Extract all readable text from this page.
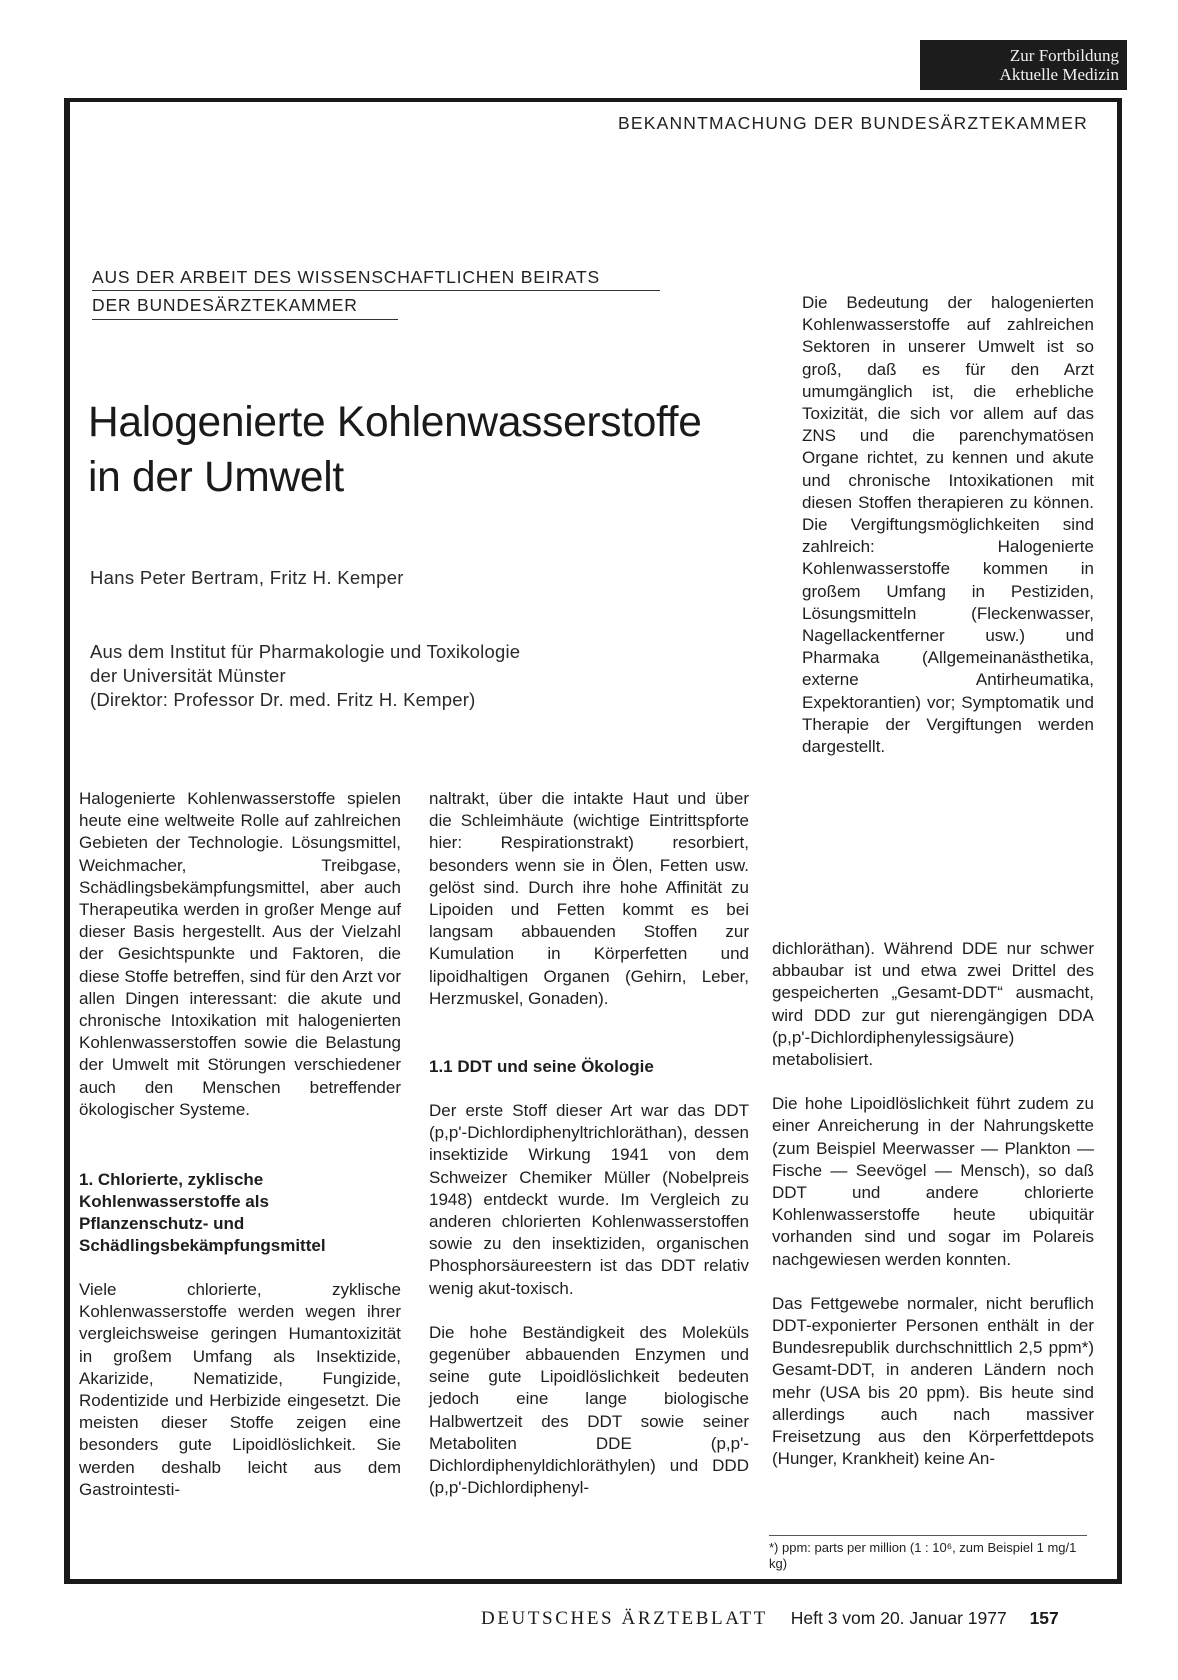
Zur Fortbildung
Aktuelle Medizin
BEKANNTMACHUNG DER BUNDESÄRZTEKAMMER
AUS DER ARBEIT DES WISSENSCHAFTLICHEN BEIRATS
DER BUNDESÄRZTEKAMMER
Halogenierte Kohlenwasserstoffe
in der Umwelt
Hans Peter Bertram, Fritz H. Kemper
Aus dem Institut für Pharmakologie und Toxikologie
der Universität Münster
(Direktor: Professor Dr. med. Fritz H. Kemper)

Die Bedeutung der halogenierten Kohlenwasserstoffe auf zahlreichen Sektoren in unserer Umwelt ist so groß, daß es für den Arzt umumgänglich ist, die erhebliche Toxizität, die sich vor allem auf das ZNS und die parenchymatösen Organe richtet, zu kennen und akute und chronische Intoxikationen mit diesen Stoffen therapieren zu können. Die Vergiftungsmöglichkeiten sind zahlreich: Halogenierte Kohlenwasserstoffe kommen in großem Umfang in Pestiziden, Lösungsmitteln (Fleckenwasser, Nagellackentferner usw.) und Pharmaka (Allgemeinanästhetika, externe Antirheumatika, Expektorantien) vor; Symptomatik und Therapie der Vergiftungen werden dargestellt.

Halogenierte Kohlenwasserstoffe spielen heute eine weltweite Rolle auf zahlreichen Gebieten der Technologie. Lösungsmittel, Weichmacher, Treibgase, Schädlingsbekämpfungsmittel, aber auch Therapeutika werden in großer Menge auf dieser Basis hergestellt. Aus der Vielzahl der Gesichtspunkte und Faktoren, die diese Stoffe betreffen, sind für den Arzt vor allen Dingen interessant: die akute und chronische Intoxikation mit halogenierten Kohlenwasserstoffen sowie die Belastung der Umwelt mit Störungen verschiedener auch den Menschen betreffender ökologischer Systeme.

1. Chlorierte, zyklische Kohlenwasserstoffe als Pflanzenschutz- und Schädlingsbekämpfungsmittel

Viele chlorierte, zyklische Kohlenwasserstoffe werden wegen ihrer vergleichsweise geringen Humantoxizität in großem Umfang als Insektizide, Akarizide, Nematizide, Fungizide, Rodentizide und Herbizide eingesetzt. Die meisten dieser Stoffe zeigen eine besonders gute Lipoidlöslichkeit. Sie werden deshalb leicht aus dem Gastrointesti-

naltrakt, über die intakte Haut und über die Schleimhäute (wichtige Eintrittspforte hier: Respirationstrakt) resorbiert, besonders wenn sie in Ölen, Fetten usw. gelöst sind. Durch ihre hohe Affinität zu Lipoiden und Fetten kommt es bei langsam abbauenden Stoffen zur Kumulation in Körperfetten und lipoidhaltigen Organen (Gehirn, Leber, Herzmuskel, Gonaden).

1.1 DDT und seine Ökologie

Der erste Stoff dieser Art war das DDT (p,p'-Dichlordiphenyltrichloräthan), dessen insektizide Wirkung 1941 von dem Schweizer Chemiker Müller (Nobelpreis 1948) entdeckt wurde. Im Vergleich zu anderen chlorierten Kohlenwasserstoffen sowie zu den insektiziden, organischen Phosphorsäureestern ist das DDT relativ wenig akut-toxisch.

Die hohe Beständigkeit des Moleküls gegenüber abbauenden Enzymen und seine gute Lipoidlöslichkeit bedeuten jedoch eine lange biologische Halbwertzeit des DDT sowie seiner Metaboliten DDE (p,p'-Dichlordiphenyldichloräthylen) und DDD (p,p'-Dichlordiphenyl-

dichloräthan). Während DDE nur schwer abbaubar ist und etwa zwei Drittel des gespeicherten „Gesamt-DDT“ ausmacht, wird DDD zur gut nierengängigen DDA (p,p'-Dichlordiphenylessigsäure) metabolisiert.

Die hohe Lipoidlöslichkeit führt zudem zu einer Anreicherung in der Nahrungskette (zum Beispiel Meerwasser — Plankton — Fische — Seevögel — Mensch), so daß DDT und andere chlorierte Kohlenwasserstoffe heute ubiquitär vorhanden sind und sogar im Polareis nachgewiesen werden konnten.

Das Fettgewebe normaler, nicht beruflich DDT-exponierter Personen enthält in der Bundesrepublik durchschnittlich 2,5 ppm*) Gesamt-DDT, in anderen Ländern noch mehr (USA bis 20 ppm). Bis heute sind allerdings auch nach massiver Freisetzung aus den Körperfettdepots (Hunger, Krankheit) keine An-

*) ppm: parts per million (1 : 10⁶, zum Beispiel 1 mg/1 kg)
DEUTSCHES ÄRZTEBLATT Heft 3 vom 20. Januar 1977 157
